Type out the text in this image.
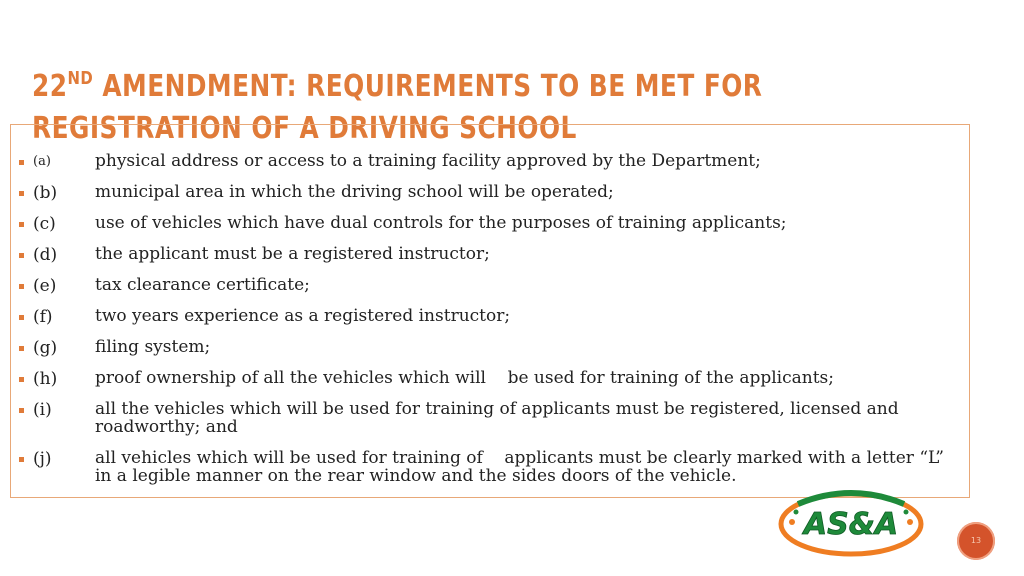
22ND AMENDMENT: REQUIREMENTS TO BE MET FOR REGISTRATION OF A DRIVING SCHOOL
(a)	physical address or access to a training facility approved by the Department;
(b) municipal area in which the driving school will be operated;
(c) use of vehicles which have dual controls for the purposes of training applicants;
(d) the applicant must be a registered instructor;
(e) tax clearance certificate;
(f) two years experience as a registered instructor;
(g) filing system;
(h) proof ownership of all the vehicles which will    be used for training of the applicants;
(i)	all the vehicles which will be used for training of applicants must be registered, licensed and roadworthy; and
(j)	all vehicles which will be used for training of    applicants must be clearly marked with a letter “L” in a legible manner on the rear window and the sides doors of the vehicle.
AS&A	13
